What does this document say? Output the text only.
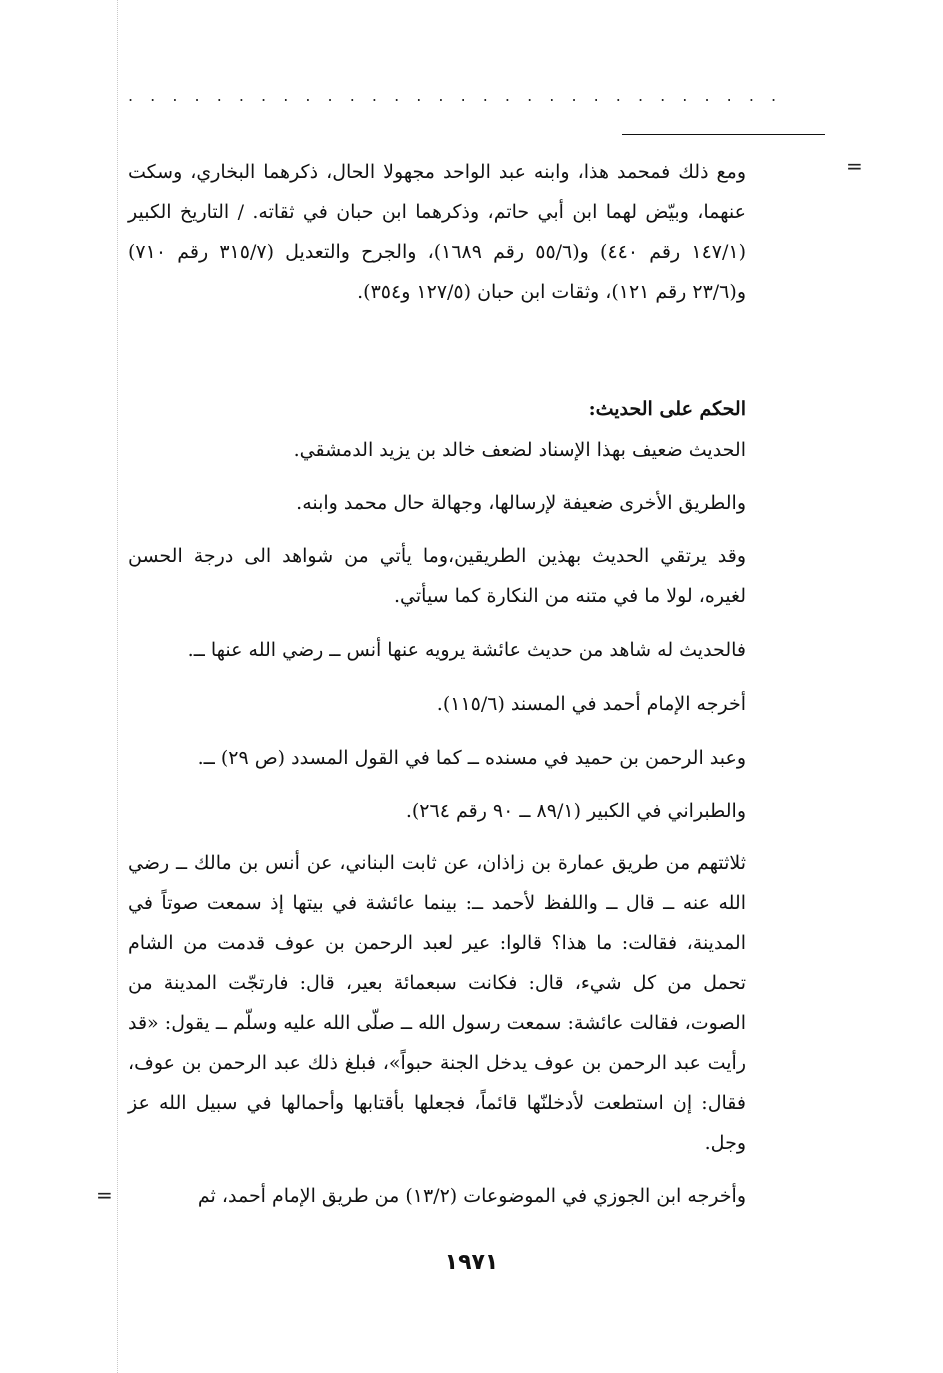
. . . . . . . . . . . . . . . . . . . . . . . . . . . . . .
=
ومع ذلك فمحمد هذا، وابنه عبد الواحد مجهولا الحال، ذكرهما البخاري، وسكت عنهما، وبيّض لهما ابن أبي حاتم، وذكرهما ابن حبان في ثقاته. / التاريخ الكبير (١٤٧/١ رقم ٤٤٠) و(٥٥/٦ رقم ١٦٨٩)، والجرح والتعديل (٣١٥/٧ رقم ٧١٠) و(٢٣/٦ رقم ١٢١)، وثقات ابن حبان (١٢٧/٥ و٣٥٤).
الحكم على الحديث:
الحديث ضعيف بهذا الإسناد لضعف خالد بن يزيد الدمشقي.
والطريق الأخرى ضعيفة لإرسالها، وجهالة حال محمد وابنه.
وقد يرتقي الحديث بهذين الطريقين،وما يأتي من شواهد الى درجة الحسن لغيره، لولا ما في متنه من النكارة كما سيأتي.
فالحديث له شاهد من حديث عائشة يرويه عنها أنس ــ رضي الله عنها ــ.
أخرجه الإمام أحمد في المسند (١١٥/٦).
وعبد الرحمن بن حميد في مسنده ــ كما في القول المسدد (ص ٢٩) ــ.
والطبراني في الكبير (٨٩/١ ــ ٩٠ رقم ٢٦٤).
ثلاثتهم من طريق عمارة بن زاذان، عن ثابت البناني، عن أنس بن مالك ــ رضي الله عنه ــ قال ــ واللفظ لأحمد ــ: بينما عائشة في بيتها إذ سمعت صوتاً في المدينة، فقالت: ما هذا؟ قالوا: عير لعبد الرحمن بن عوف قدمت من الشام تحمل من كل شيء، قال: فكانت سبعمائة بعير، قال: فارتجّت المدينة من الصوت، فقالت عائشة: سمعت رسول الله ــ صلّى الله عليه وسلّم ــ يقول: «قد رأيت عبد الرحمن بن عوف يدخل الجنة حبواً»، فبلغ ذلك عبد الرحمن بن عوف، فقال: إن استطعت لأدخلنّها قائماً، فجعلها بأقتابها وأحمالها في سبيل الله عز وجل.
وأخرجه ابن الجوزي في الموضوعات (١٣/٢) من طريق الإمام أحمد، ثم
=
١٩٧١
